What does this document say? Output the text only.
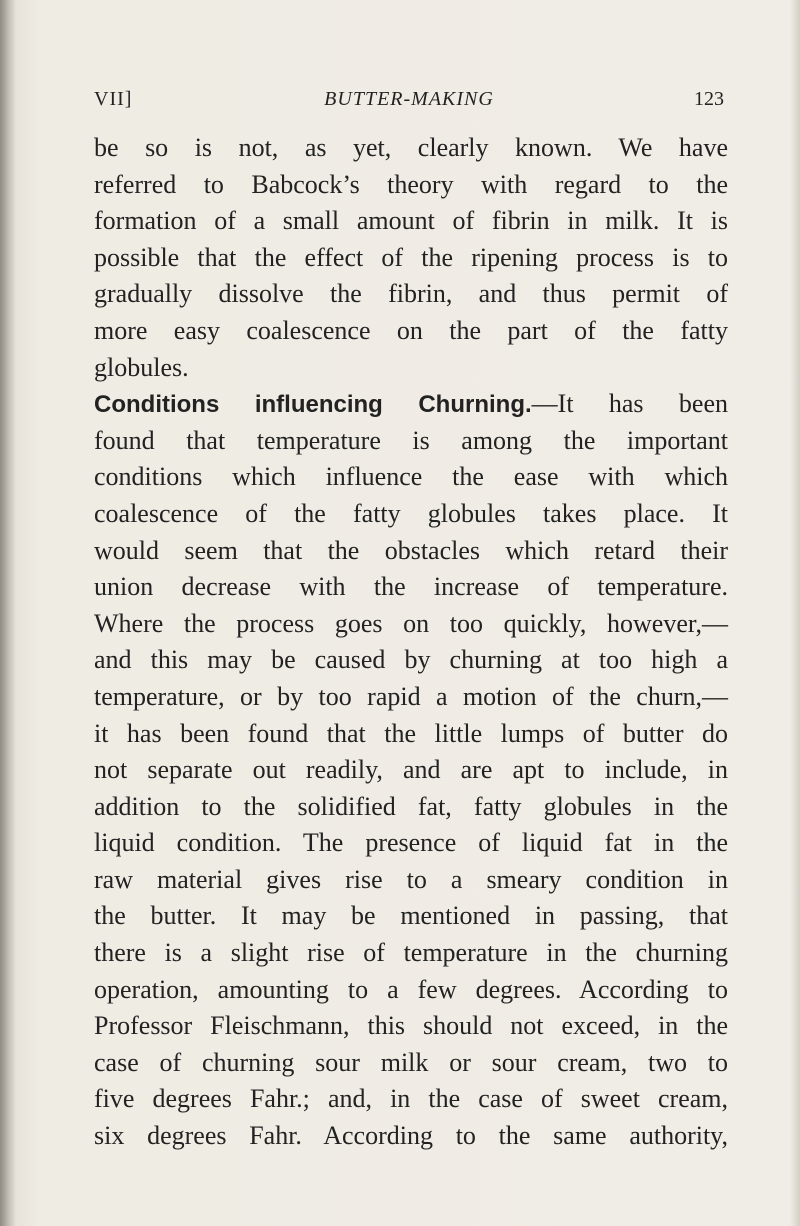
VII]	BUTTER-MAKING	123
be so is not, as yet, clearly known. We have
referred to Babcock’s theory with regard to the
formation of a small amount of fibrin in milk. It is
possible that the effect of the ripening process is to
gradually dissolve the fibrin, and thus permit of
more easy coalescence on the part of the fatty
globules.
Conditions influencing Churning.—It has been
found that temperature is among the important
conditions which influence the ease with which
coalescence of the fatty globules takes place. It
would seem that the obstacles which retard their
union decrease with the increase of temperature.
Where the process goes on too quickly, however,—
and this may be caused by churning at too high a
temperature, or by too rapid a motion of the churn,—
it has been found that the little lumps of butter do
not separate out readily, and are apt to include, in
addition to the solidified fat, fatty globules in the
liquid condition. The presence of liquid fat in the
raw material gives rise to a smeary condition in
the butter. It may be mentioned in passing, that
there is a slight rise of temperature in the churning
operation, amounting to a few degrees. According to
Professor Fleischmann, this should not exceed, in the
case of churning sour milk or sour cream, two to
five degrees Fahr.; and, in the case of sweet cream,
six degrees Fahr. According to the same authority,
